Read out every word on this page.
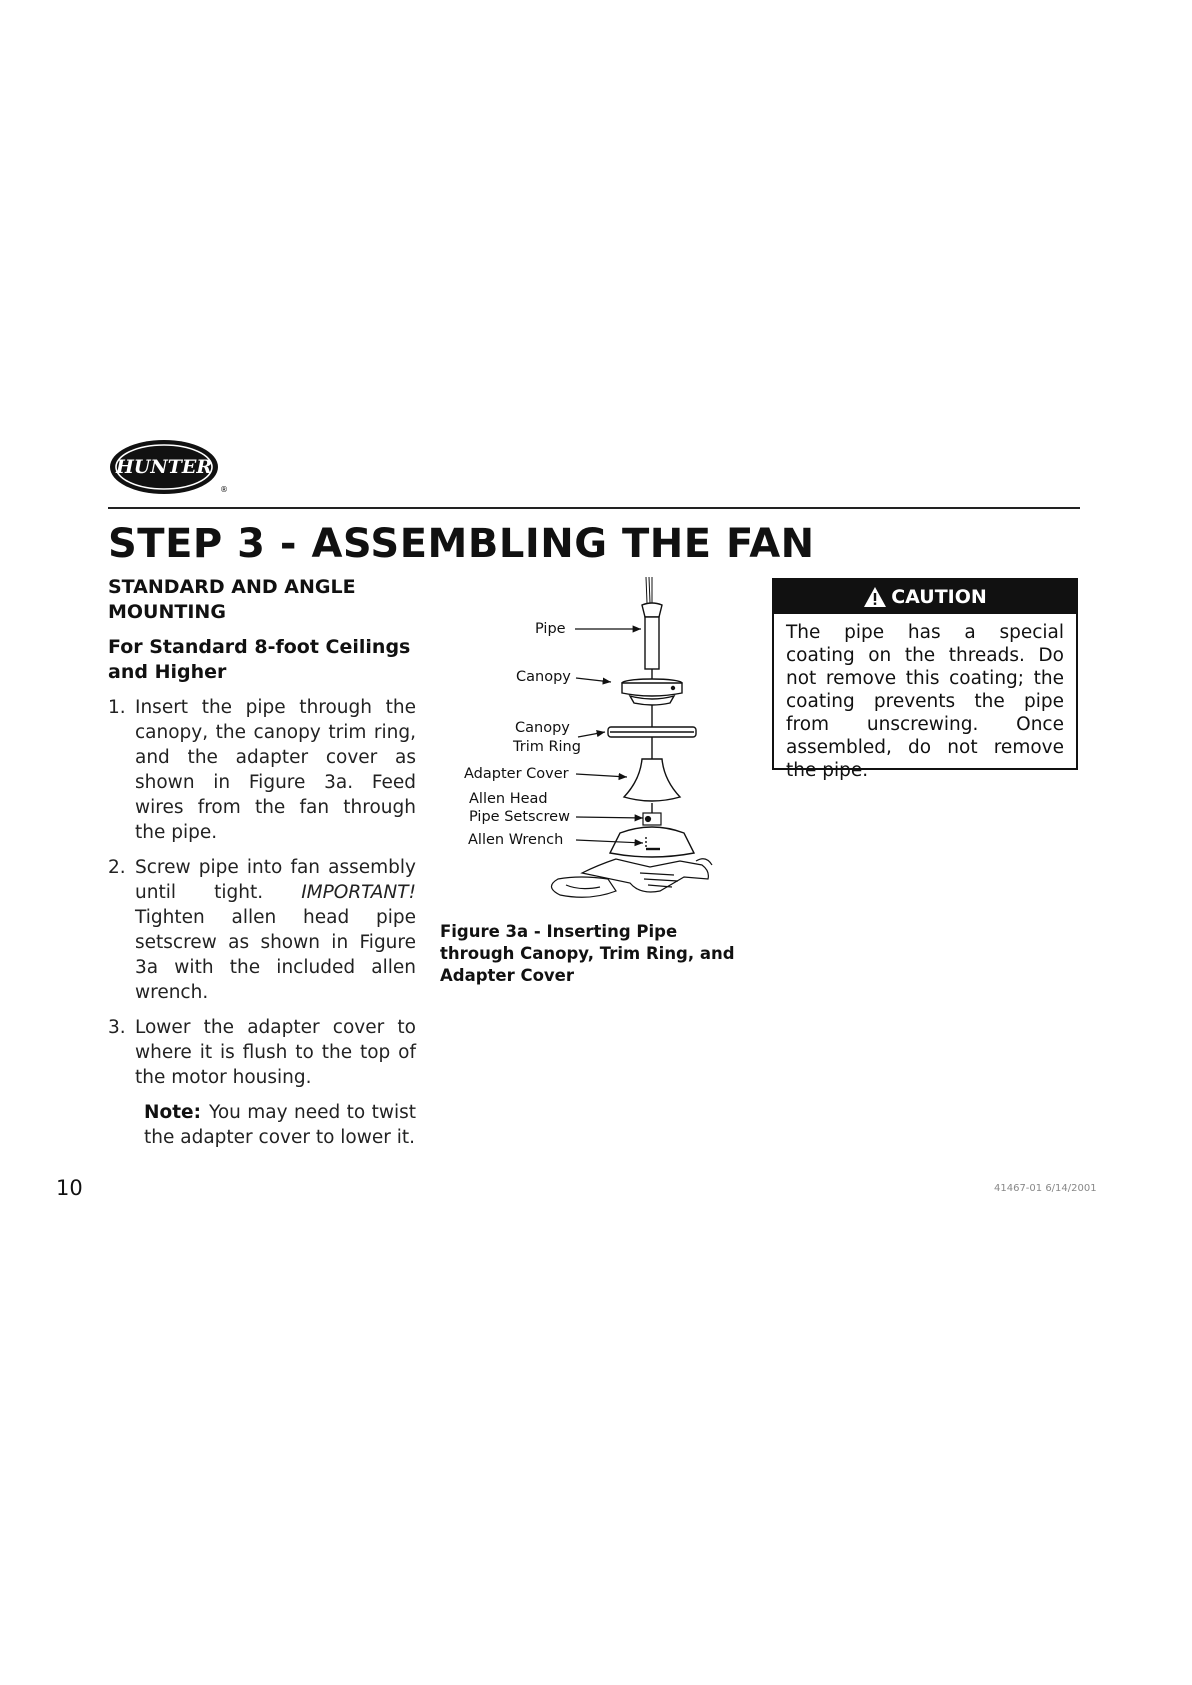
HUNTER
®
STEP 3 - ASSEMBLING THE FAN
STANDARD AND ANGLE MOUNTING
For Standard 8-foot Ceilings and Higher
1. Insert the pipe through the canopy, the canopy trim ring, and the adapter cover as shown in Figure 3a. Feed wires from the fan through the pipe.
2. Screw pipe into fan assembly until tight. IMPORTANT! Tighten allen head pipe setscrew as shown in Figure 3a with the included allen wrench.
3. Lower the adapter cover to where it is flush to the top of the motor housing.
Note: You may need to twist the adapter cover to lower it.
Pipe
Canopy
Canopy
Trim Ring
Adapter Cover
Allen Head
Pipe Setscrew
Allen Wrench

Figure 3a - Inserting Pipe through Canopy, Trim Ring, and Adapter Cover

CAUTION
The pipe has a special coating on the threads. Do not remove this coating; the coating prevents the pipe from unscrewing. Once assembled, do not remove the pipe.
10	41467-01 6/14/2001
